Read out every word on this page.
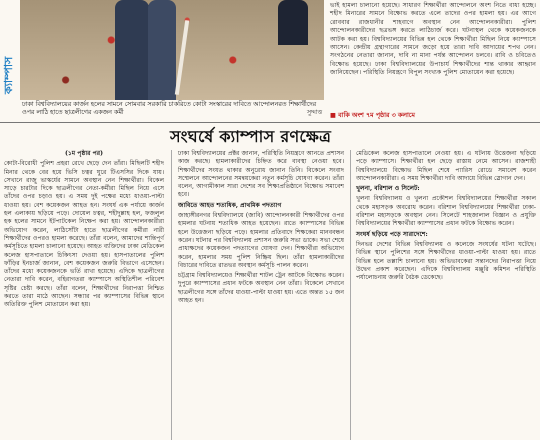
ক্যাম্পাস
ঢাকা বিশ্ববিদ্যালয়ের কার্জন হলের সামনে সোমবার সরকারি চাকরিতে কোটা সংস্কারের দাবিতে আন্দোলনরত শিক্ষার্থীদের ওপর লাঠি হাতে ছাত্রলীগের একজন কর্মী	সুদ্দাত্ত
ভাই হামলা চালানো হয়েছে। সাধারণ শিক্ষার্থীরা আন্দোলনে অংশ নিতে বাধ্য হচ্ছে। শহীদ মিনারের সামনে বিক্ষোভ করতে এলে তাদের ওপর হামলা হয়। এর আগে রোববার রাজধানীর শাহবাগে অবস্থান নেন আন্দোলনকারীরা। পুলিশ আন্দোলনকারীদের ছত্রভঙ্গ করতে লাঠিচার্জ করে। ঘটনাস্থল থেকে কয়েকজনকে আটক করা হয়। বিশ্ববিদ্যালয়ের বিভিন্ন হল থেকে শিক্ষার্থীরা মিছিল নিয়ে ক্যাম্পাসে আসেন। কেন্দ্রীয় গ্রন্থাগারের সামনে জড়ো হয়ে তারা দাবি আদায়ের শপথ নেন। সংগঠনের নেতারা জানান, দাবি না মানা পর্যন্ত আন্দোলন চলবে। রাবি ও চবিতেও বিক্ষোভ হয়েছে। ঢাকা বিশ্ববিদ্যালয়ের উপাচার্য শিক্ষার্থীদের শান্ত থাকার আহ্বান জানিয়েছেন। পরিস্থিতি নিয়ন্ত্রণে বিপুল সংখ্যক পুলিশ মোতায়েন করা হয়েছে।
■ বাকি অংশ ৭ম পৃষ্ঠার ৩ কলামে
সংঘর্ষে ক্যাম্পাস রণক্ষেত্র

(১ম পৃষ্ঠার পর)

কোটা-বিরোধী পুলিশ প্রহরা রেখে ছেড়ে দেন তাঁরা। মিছিলটি শহীদ মিনার থেকে বের হয়ে ভিসি চত্বর ঘুরে টিএসসির দিকে যায়। সেখানে রাজু ভাস্কর্যের সামনে অবস্থান নেন শিক্ষার্থীরা। বিকেল সাড়ে চারটার দিকে ছাত্রলীগের নেতা-কর্মীরা মিছিল নিয়ে এসে তাঁদের ওপর চড়াও হয়। এ সময় দুই পক্ষের মধ্যে ধাওয়া-পাল্টা ধাওয়া হয়। বেশ কয়েকজন আহত হন। সংঘর্ষ এক পর্যায়ে কার্জন হল এলাকায় ছড়িয়ে পড়ে। দোয়েল চত্বর, শহীদুল্লাহ হল, ফজলুল হক হলের সামনে ইটপাটকেল নিক্ষেপ করা হয়। আন্দোলনকারীরা অভিযোগ করেন, লাঠিসোঁটা হাতে ছাত্রলীগের কর্মীরা নারী শিক্ষার্থীদের ওপরও হামলা করেছে। তাঁরা বলেন, আমাদের শান্তিপূর্ণ কর্মসূচিতে হামলা চালানো হয়েছে। আহত ব্যক্তিদের ঢাকা মেডিকেল কলেজ হাসপাতালে চিকিৎসা দেওয়া হয়। হাসপাতালের পুলিশ ফাঁড়ির ইনচার্জ জানান, বেশ কয়েকজন জরুরি বিভাগে এসেছেন। তাঁদের মধ্যে কয়েকজনকে ভর্তি রাখা হয়েছে। এদিকে ছাত্রলীগের নেতারা দাবি করেন, বহিরাগতরা ক্যাম্পাসে অস্থিতিশীল পরিবেশ সৃষ্টির চেষ্টা করছে। তাঁরা বলেন, শিক্ষার্থীদের নিরাপত্তা নিশ্চিত করতে তারা মাঠে আছেন। সন্ধ্যার পর ক্যাম্পাসের বিভিন্ন স্থানে অতিরিক্ত পুলিশ মোতায়েন করা হয়।

ঢাকা বিশ্ববিদ্যালয়ের প্রক্টর জানান, পরিস্থিতি নিয়ন্ত্রণে আনতে প্রশাসন কাজ করছে। হামলাকারীদের চিহ্নিত করে ব্যবস্থা নেওয়া হবে। শিক্ষার্থীদের সংযত থাকার অনুরোধ জানান তিনি। বিকেলে সংবাদ সম্মেলনে আন্দোলনের সমন্বয়কেরা নতুন কর্মসূচি ঘোষণা করেন। তাঁরা বলেন, আগামীকাল সারা দেশের সব শিক্ষাপ্রতিষ্ঠানে বিক্ষোভ সমাবেশ হবে।

জাবিতে আহত শতাধিক, প্রাথমিক পদত্যাগ

জাহাঙ্গীরনগর বিশ্ববিদ্যালয়ে (জাবি) আন্দোলনকারী শিক্ষার্থীদের ওপর হামলার ঘটনায় শতাধিক আহত হয়েছেন। রাতে ক্যাম্পাসের বিভিন্ন হলে উত্তেজনা ছড়িয়ে পড়ে। হামলার প্রতিবাদে শিক্ষকেরা মানববন্ধন করেন। ঘটনার পর বিশ্ববিদ্যালয় প্রশাসন জরুরি সভা ডাকে। সভা শেষে প্রাধ্যক্ষদের কয়েকজন পদত্যাগের ঘোষণা দেন। শিক্ষার্থীরা অভিযোগ করেন, হামলার সময় পুলিশ নিষ্ক্রিয় ছিল। তাঁরা হামলাকারীদের বিচারের দাবিতে রাতভর অবস্থান কর্মসূচি পালন করেন।

চট্টগ্রাম বিশ্ববিদ্যালয়েও শিক্ষার্থীরা শাটল ট্রেন আটকে বিক্ষোভ করেন। দুপুরে ক্যাম্পাসের প্রধান ফটকে অবস্থান নেন তাঁরা। বিকেলে সেখানে ছাত্রলীগের সঙ্গে তাঁদের ধাওয়া-পাল্টা ধাওয়া হয়। এতে অন্তত ১৫ জন আহত হন।

মেডিকেল কলেজ হাসপাতালে নেওয়া হয়। এ ঘটনায় উত্তেজনা ছড়িয়ে পড়ে ক্যাম্পাসে। শিক্ষার্থীরা হল ছেড়ে রাস্তায় নেমে আসেন। রাজশাহী বিশ্ববিদ্যালয়ে বিক্ষোভ মিছিল শেষে প্যারিস রোডে সমাবেশ করেন আন্দোলনকারীরা। এ সময় শিক্ষার্থীরা দাবি আদায়ে বিভিন্ন স্লোগান দেন।

খুলনা, বরিশাল ও সিলেট:

খুলনা বিশ্ববিদ্যালয় ও খুলনা প্রকৌশল বিশ্ববিদ্যালয়ের শিক্ষার্থীরা সকাল থেকে মহাসড়ক অবরোধ করেন। বরিশাল বিশ্ববিদ্যালয়ের শিক্ষার্থীরা ঢাকা-বরিশাল মহাসড়কে অবস্থান নেন। সিলেটে শাহজালাল বিজ্ঞান ও প্রযুক্তি বিশ্ববিদ্যালয়ের শিক্ষার্থীরা ক্যাম্পাসের প্রধান ফটকে বিক্ষোভ করেন।

সংঘর্ষ ছড়িয়ে পড়ে সারাদেশে:

দিনভর দেশের বিভিন্ন বিশ্ববিদ্যালয় ও কলেজে সংঘর্ষের ঘটনা ঘটেছে। বিভিন্ন স্থানে পুলিশের সঙ্গে শিক্ষার্থীদের ধাওয়া-পাল্টা ধাওয়া হয়। রাতে বিভিন্ন হলে তল্লাশি চালানো হয়। অভিভাবকেরা সন্তানদের নিরাপত্তা নিয়ে উদ্বেগ প্রকাশ করেছেন। এদিকে বিশ্ববিদ্যালয় মঞ্জুরি কমিশন পরিস্থিতি পর্যালোচনায় জরুরি বৈঠক ডেকেছে।
